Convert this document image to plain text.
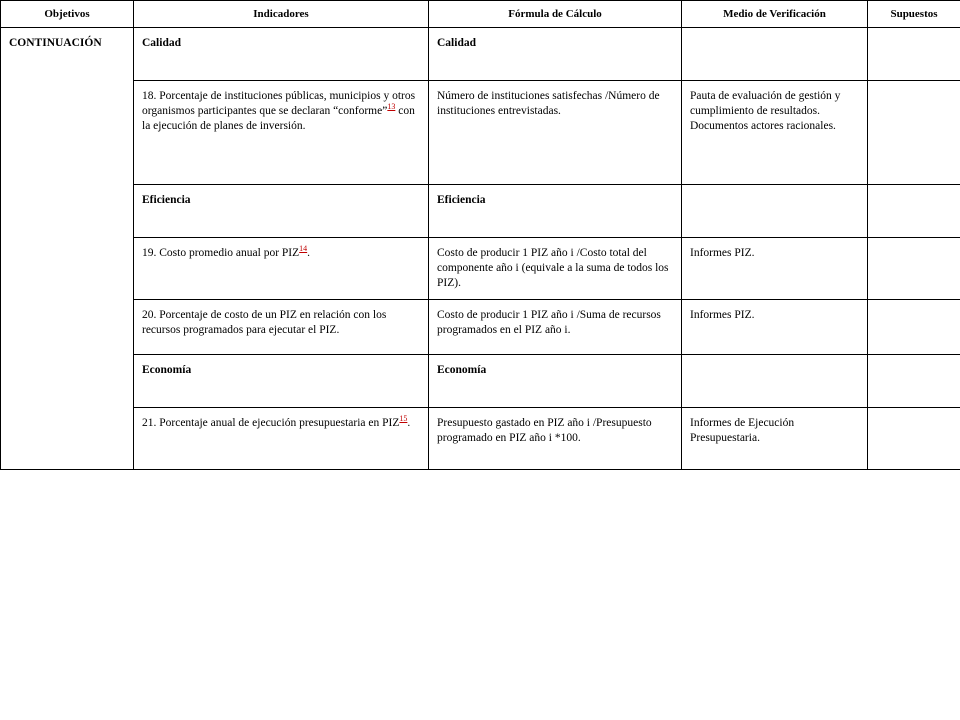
Objetivos	Indicadores	Fórmula de Cálculo	Medio de Verificación	Supuestos
CONTINUACIÓN	Calidad	Calidad		
	18. Porcentaje de instituciones públicas, municipios y otros organismos participantes que se declaran “conforme”$^{13}$ con la ejecución de planes de inversión.	Número de instituciones satisfechas /Número de instituciones entrevistadas.	Pauta de evaluación de gestión y cumplimiento de resultados. Documentos actores racionales.	
	Eficiencia	Eficiencia		
	19. Costo promedio anual por PIZ$^{14}$.	Costo de producir 1 PIZ año i /Costo total del componente año i (equivale a la suma de todos los PIZ).	Informes PIZ.	
	20. Porcentaje de costo de un PIZ en relación con los recursos programados para ejecutar el PIZ.	Costo de producir 1 PIZ año i /Suma de recursos programados en el PIZ año i.	Informes PIZ.	
	Economía	Economía		
	21. Porcentaje anual de ejecución presupuestaria en PIZ$^{15}$.	Presupuesto gastado en PIZ año i /Presupuesto programado en PIZ año i *100.	Informes de Ejecución Presupuestaria.	
